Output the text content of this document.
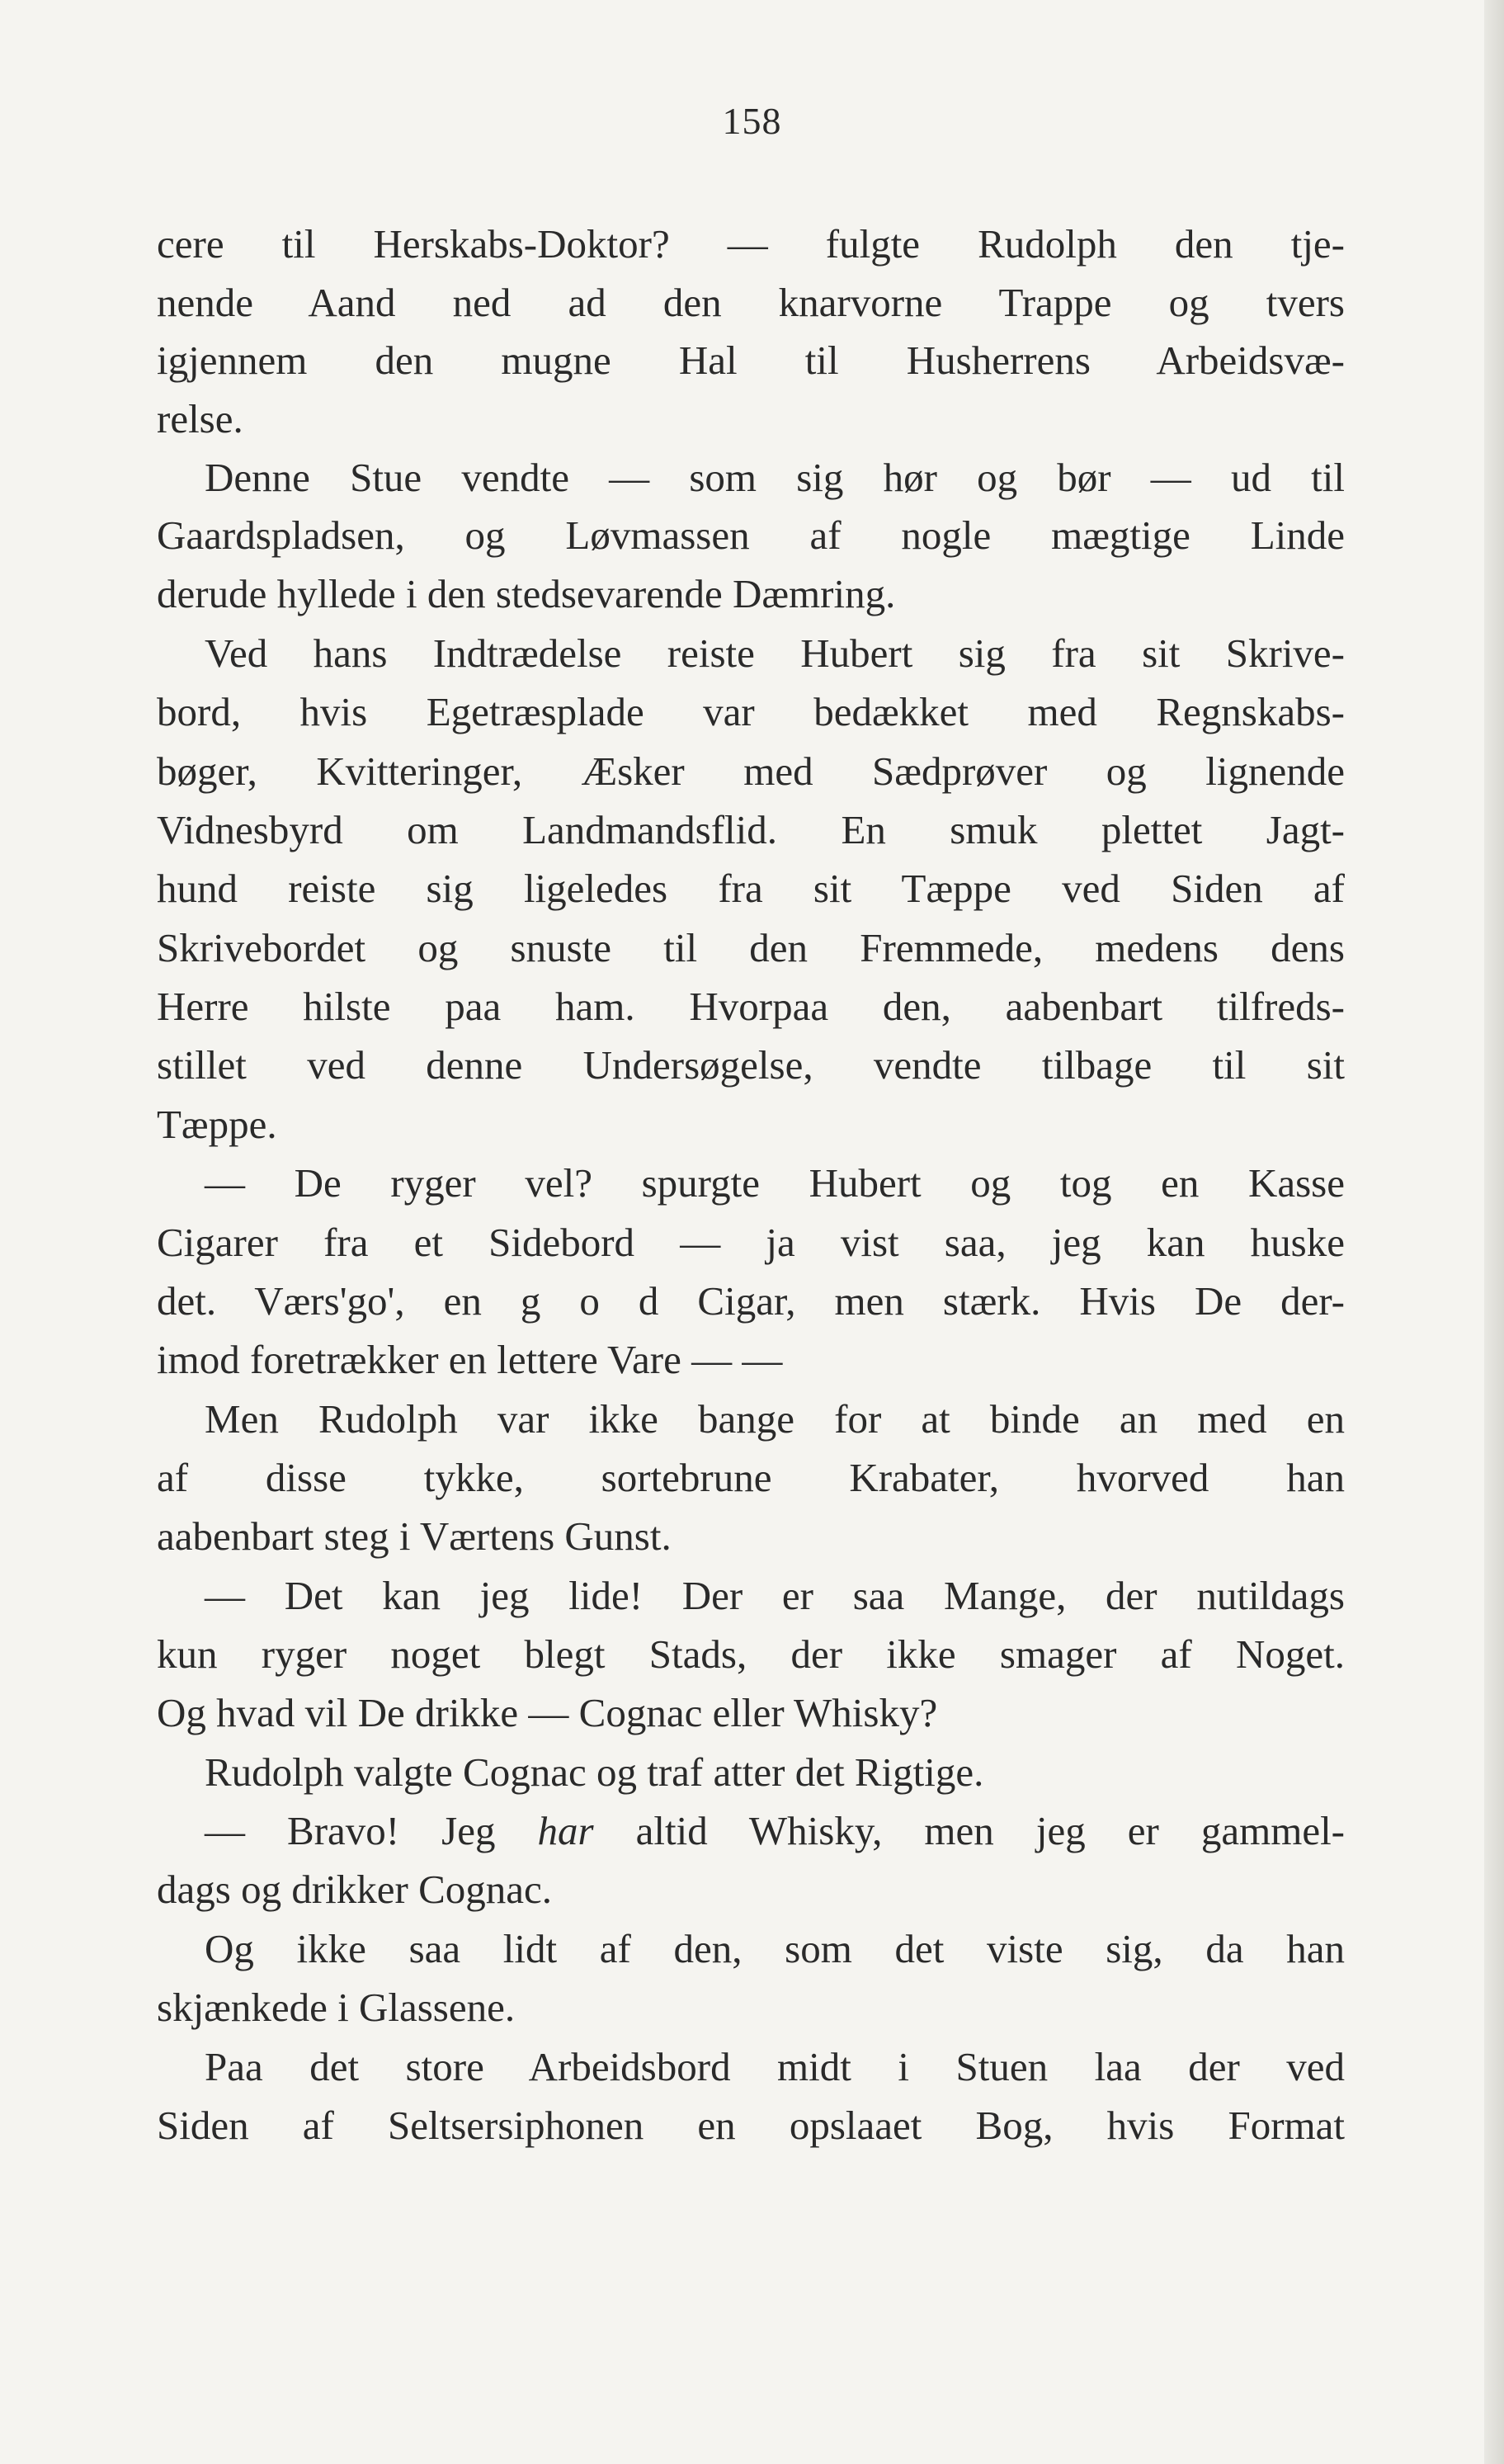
158
cere til Herskabs-Doktor? — fulgte Rudolph den tje-
nende Aand ned ad den knarvorne Trappe og tvers
igjennem den mugne Hal til Husherrens Arbeidsvæ-
relse.
Denne Stue vendte — som sig hør og bør — ud til
Gaardspladsen, og Løvmassen af nogle mægtige Linde
derude hyllede i den stedsevarende Dæmring.
Ved hans Indtrædelse reiste Hubert sig fra sit Skrive-
bord, hvis Egetræsplade var bedækket med Regnskabs-
bøger, Kvitteringer, Æsker med Sædprøver og lignende
Vidnesbyrd om Landmandsflid. En smuk plettet Jagt-
hund reiste sig ligeledes fra sit Tæppe ved Siden af
Skrivebordet og snuste til den Fremmede, medens dens
Herre hilste paa ham. Hvorpaa den, aabenbart tilfreds-
stillet ved denne Undersøgelse, vendte tilbage til sit
Tæppe.
— De ryger vel? spurgte Hubert og tog en Kasse
Cigarer fra et Sidebord — ja vist saa, jeg kan huske
det. Værs'go', en g o d Cigar, men stærk. Hvis De der-
imod foretrækker en lettere Vare — —
Men Rudolph var ikke bange for at binde an med en
af disse tykke, sortebrune Krabater, hvorved han
aabenbart steg i Værtens Gunst.
— Det kan jeg lide! Der er saa Mange, der nutildags
kun ryger noget blegt Stads, der ikke smager af Noget.
Og hvad vil De drikke — Cognac eller Whisky?
Rudolph valgte Cognac og traf atter det Rigtige.
— Bravo! Jeg har altid Whisky, men jeg er gammel-
dags og drikker Cognac.
Og ikke saa lidt af den, som det viste sig, da han
skjænkede i Glassene.
Paa det store Arbeidsbord midt i Stuen laa der ved
Siden af Seltsersiphonen en opslaaet Bog, hvis Format
